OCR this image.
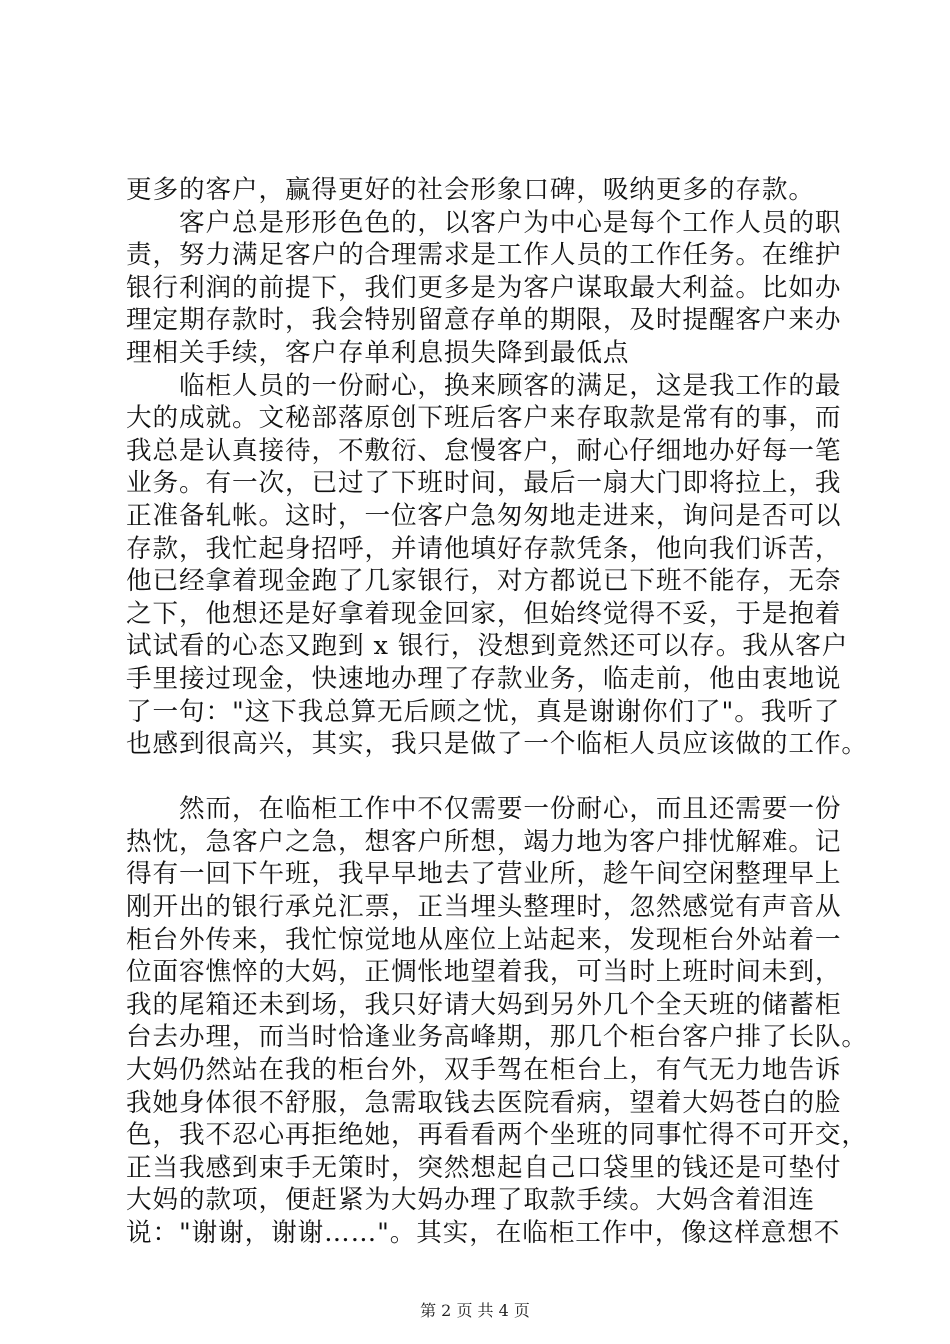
更多的客户，赢得更好的社会形象口碑，吸纳更多的存款。
　　客户总是形形色色的，以客户为中心是每个工作人员的职
责，努力满足客户的合理需求是工作人员的工作任务。在维护
银行利润的前提下，我们更多是为客户谋取最大利益。比如办
理定期存款时，我会特别留意存单的期限，及时提醒客户来办
理相关手续，客户存单利息损失降到最低点
　　临柜人员的一份耐心，换来顾客的满足，这是我工作的最
大的成就。文秘部落原创下班后客户来存取款是常有的事，而
我总是认真接待，不敷衍、怠慢客户，耐心仔细地办好每一笔
业务。有一次，已过了下班时间，最后一扇大门即将拉上，我
正准备轧帐。这时，一位客户急匆匆地走进来，询问是否可以
存款，我忙起身招呼，并请他填好存款凭条，他向我们诉苦，
他已经拿着现金跑了几家银行，对方都说已下班不能存，无奈
之下，他想还是好拿着现金回家，但始终觉得不妥，于是抱着
试试看的心态又跑到 x 银行，没想到竟然还可以存。我从客户
手里接过现金，快速地办理了存款业务，临走前，他由衷地说
了一句："这下我总算无后顾之忧，真是谢谢你们了"。我听了
也感到很高兴，其实，我只是做了一个临柜人员应该做的工作。
　　然而，在临柜工作中不仅需要一份耐心，而且还需要一份
热忱，急客户之急，想客户所想，竭力地为客户排忧解难。记
得有一回下午班，我早早地去了营业所，趁午间空闲整理早上
刚开出的银行承兑汇票，正当埋头整理时，忽然感觉有声音从
柜台外传来，我忙惊觉地从座位上站起来，发现柜台外站着一
位面容憔悴的大妈，正惆怅地望着我，可当时上班时间未到，
我的尾箱还未到场，我只好请大妈到另外几个全天班的储蓄柜
台去办理，而当时恰逢业务高峰期，那几个柜台客户排了长队。
大妈仍然站在我的柜台外，双手驾在柜台上，有气无力地告诉
我她身体很不舒服，急需取钱去医院看病，望着大妈苍白的脸
色，我不忍心再拒绝她，再看看两个坐班的同事忙得不可开交，
正当我感到束手无策时，突然想起自己口袋里的钱还是可垫付
大妈的款项，便赶紧为大妈办理了取款手续。大妈含着泪连
说："谢谢，谢谢……"。其实，在临柜工作中，像这样意想不
第 2 页 共 4 页
